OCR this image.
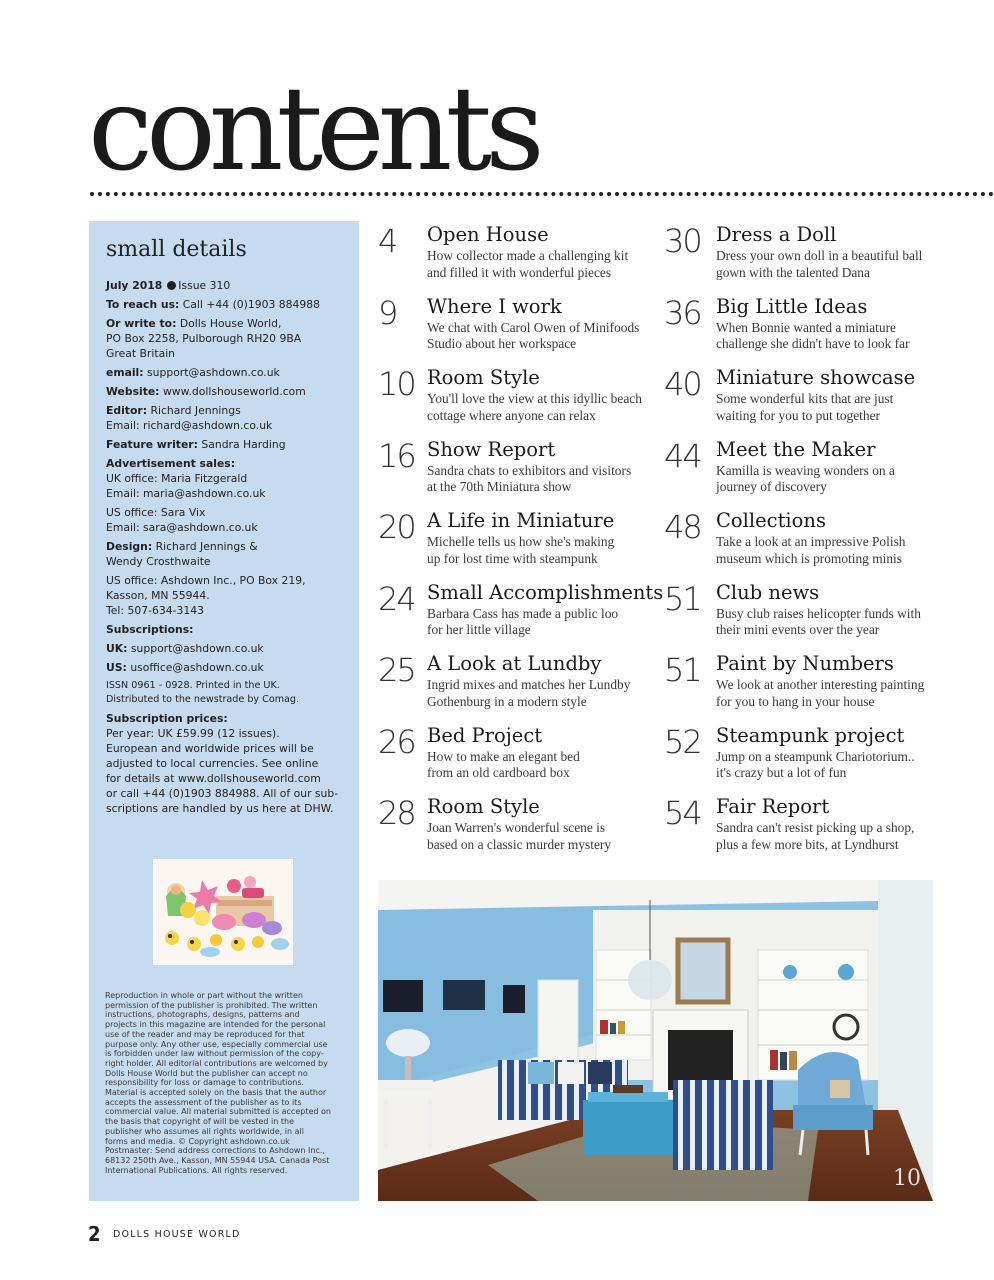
contents
small details

July 2018 Issue 310

To reach us: Call +44 (0)1903 884988

Or write to: Dolls House World,
PO Box 2258, Pulborough RH20 9BA
Great Britain

email: support@ashdown.co.uk

Website: www.dollshouseworld.com

Editor: Richard Jennings
Email: richard@ashdown.co.uk

Feature writer: Sandra Harding

Advertisement sales:
UK office: Maria Fitzgerald
Email: maria@ashdown.co.uk

US office: Sara Vix
Email: sara@ashdown.co.uk

Design: Richard Jennings &
Wendy Crosthwaite

US office: Ashdown Inc., PO Box 219,
Kasson, MN 55944.
Tel: 507-634-3143

Subscriptions:

UK: support@ashdown.co.uk

US: usoffice@ashdown.co.uk

ISSN 0961 - 0928. Printed in the UK.
Distributed to the newstrade by Comag.

Subscription prices:
Per year: UK £59.99 (12 issues).
European and worldwide prices will be
adjusted to local currencies. See online
for details at www.dollshouseworld.com
or call +44 (0)1903 884988. All of our sub-
scriptions are handled by us here at DHW.

Reproduction in whole or part without the written
permission of the publisher is prohibited. The written
instructions, photographs, designs, patterns and
projects in this magazine are intended for the personal
use of the reader and may be reproduced for that
purpose only. Any other use, especially commercial use
is forbidden under law without permission of the copy-
right holder. All editorial contributions are welcomed by
Dolls House World but the publisher can accept no
responsibility for loss or damage to contributions.
Material is accepted solely on the basis that the author
accepts the assessment of the publisher as to its
commercial value. All material submitted is accepted on
the basis that copyright of will be vested in the
publisher who assumes all rights worldwide, in all
forms and media. © Copyright ashdown.co.uk
Postmaster: Send address corrections to Ashdown Inc.,
68132 250th Ave., Kasson, MN 55944 USA. Canada Post
International Publications. All rights reserved.

4	Open House
How collector made a challenging kit
and filled it with wonderful pieces
9	Where I work
We chat with Carol Owen of Minifoods
Studio about her workspace
10 Room Style
You'll love the view at this idyllic beach
cottage where anyone can relax
16 Show Report
Sandra chats to exhibitors and visitors
at the 70th Miniatura show
20 A Life in Miniature
Michelle tells us how she's making
up for lost time with steampunk
24 Small Accomplishments
Barbara Cass has made a public loo
for her little village
25 A Look at Lundby
Ingrid mixes and matches her Lundby
Gothenburg in a modern style
26 Bed Project
How to make an elegant bed
from an old cardboard box
28 Room Style
Joan Warren's wonderful scene is
based on a classic murder mystery
30 Dress a Doll
Dress your own doll in a beautiful ball
gown with the talented Dana
36 Big Little Ideas
When Bonnie wanted a miniature
challenge she didn't have to look far
40 Miniature showcase
Some wonderful kits that are just
waiting for you to put together
44 Meet the Maker
Kamilla is weaving wonders on a
journey of discovery
48 Collections
Take a look at an impressive Polish
museum which is promoting minis
51 Club news
Busy club raises helicopter funds with
their mini events over the year
51 Paint by Numbers
We look at another interesting painting
for you to hang in your house
52 Steampunk project
Jump on a steampunk Chariotorium..
it's crazy but a lot of fun
54 Fair Report
Sandra can't resist picking up a shop,
plus a few more bits, at Lyndhurst
10
2 DOLLS HOUSE WORLD
